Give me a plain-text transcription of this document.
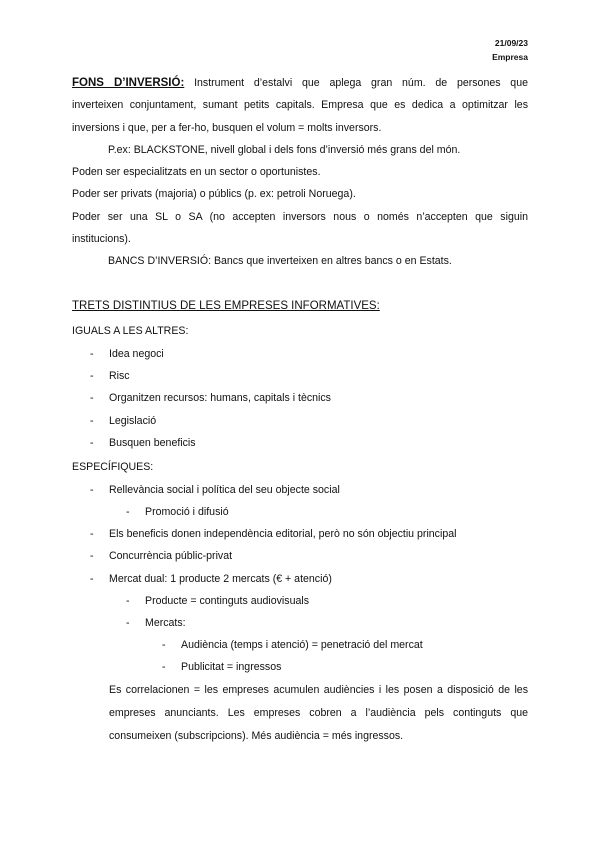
21/09/23
Empresa
FONS D’INVERSIÓ: Instrument d’estalvi que aplega gran núm. de persones que
inverteixen conjuntament, sumant petits capitals. Empresa que es dedica a optimitzar les
inversions i que, per a fer-ho, busquen el volum = molts inversors.
P.ex: BLACKSTONE, nivell global i dels fons d’inversió més grans del món.
Poden ser especialitzats en un sector o oportunistes.
Poder ser privats (majoria) o públics (p. ex: petroli Noruega).
Poder ser una SL o SA (no accepten inversors nous o només n’accepten que siguin
institucions).
BANCS D’INVERSIÓ: Bancs que inverteixen en altres bancs o en Estats.
TRETS DISTINTIUS DE LES EMPRESES INFORMATIVES:
IGUALS A LES ALTRES:
- Idea negoci
- Risc
- Organitzen recursos: humans, capitals i tècnics
- Legislació
- Busquen beneficis
ESPECÍFIQUES:
- Rellevància social i política del seu objecte social
- Promoció i difusió
- Els beneficis donen independència editorial, però no són objectiu principal
- Concurrència públic-privat
- Mercat dual: 1 producte 2 mercats (€ + atenció)
- Producte = continguts audiovisuals
- Mercats:
- Audiència (temps i atenció) = penetració del mercat
- Publicitat = ingressos
Es correlacionen = les empreses acumulen audiències i les posen a disposició de les
empreses anunciants. Les empreses cobren a l’audiència pels continguts que
consumeixen (subscripcions). Més audiència = més ingressos.
